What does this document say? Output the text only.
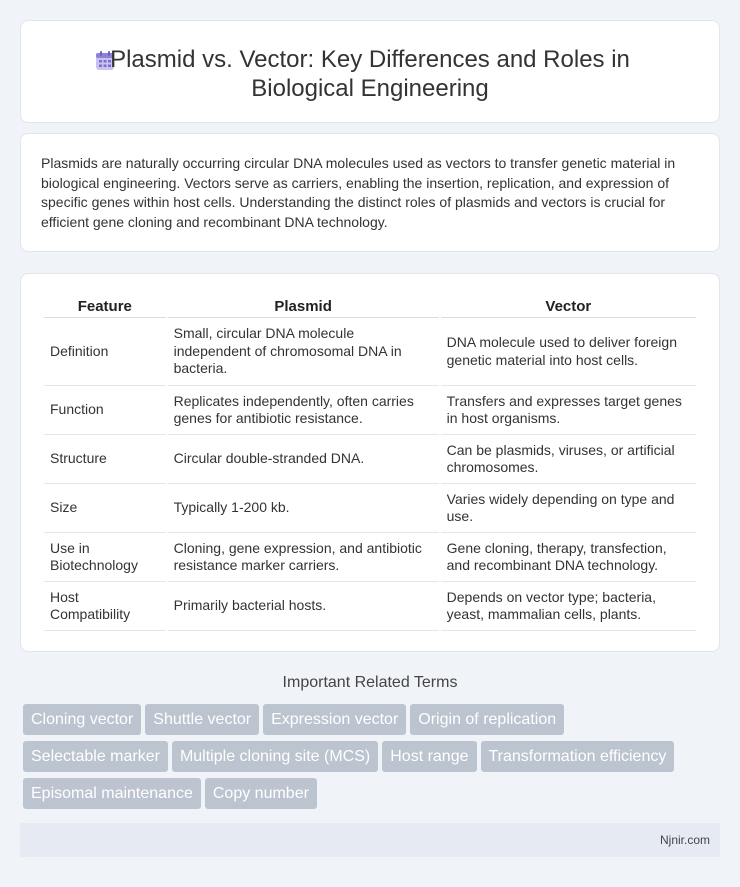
Plasmid vs. Vector: Key Differences and Roles in Biological Engineering

Plasmids are naturally occurring circular DNA molecules used as vectors to transfer genetic material in biological engineering. Vectors serve as carriers, enabling the insertion, replication, and expression of specific genes within host cells. Understanding the distinct roles of plasmids and vectors is crucial for efficient gene cloning and recombinant DNA technology.

Feature	Plasmid	Vector
Definition	Small, circular DNA molecule independent of chromosomal DNA in bacteria.	DNA molecule used to deliver foreign genetic material into host cells.
Function	Replicates independently, often carries genes for antibiotic resistance.	Transfers and expresses target genes in host organisms.
Structure	Circular double-stranded DNA.	Can be plasmids, viruses, or artificial chromosomes.
Size	Typically 1-200 kb.	Varies widely depending on type and use.
Use in Biotechnology	Cloning, gene expression, and antibiotic resistance marker carriers.	Gene cloning, therapy, transfection, and recombinant DNA technology.
Host Compatibility	Primarily bacterial hosts.	Depends on vector type; bacteria, yeast, mammalian cells, plants.
Important Related Terms
Cloning vector Shuttle vector Expression vector Origin of replication
Selectable marker Multiple cloning site (MCS) Host range Transformation efficiency
Episomal maintenance Copy number
Njnir.com
